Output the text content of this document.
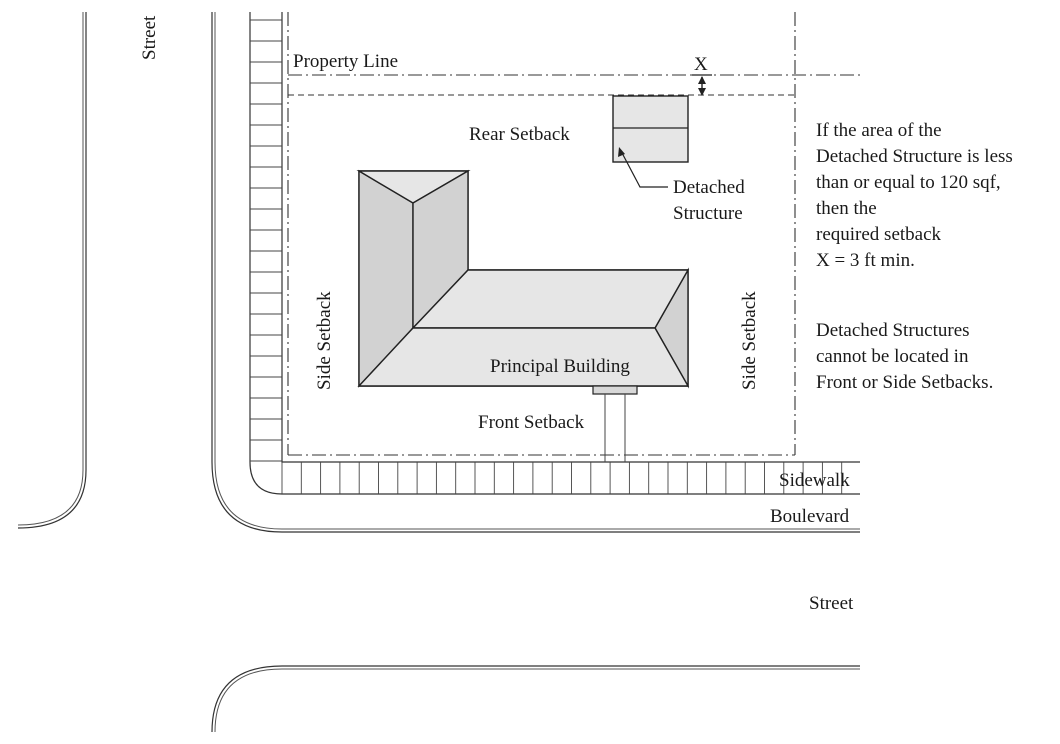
X
Street
Property Line
Rear Setback
Detached
Structure
Side Setback	Side Setback
Principal Building
Front Setback
Sidewalk
Boulevard
Street

If the area of the
Detached Structure is less
than or equal to 120 sqf,
then the
required setback
X = 3 ft min.

Detached Structures
cannot be located in
Front or Side Setbacks.
